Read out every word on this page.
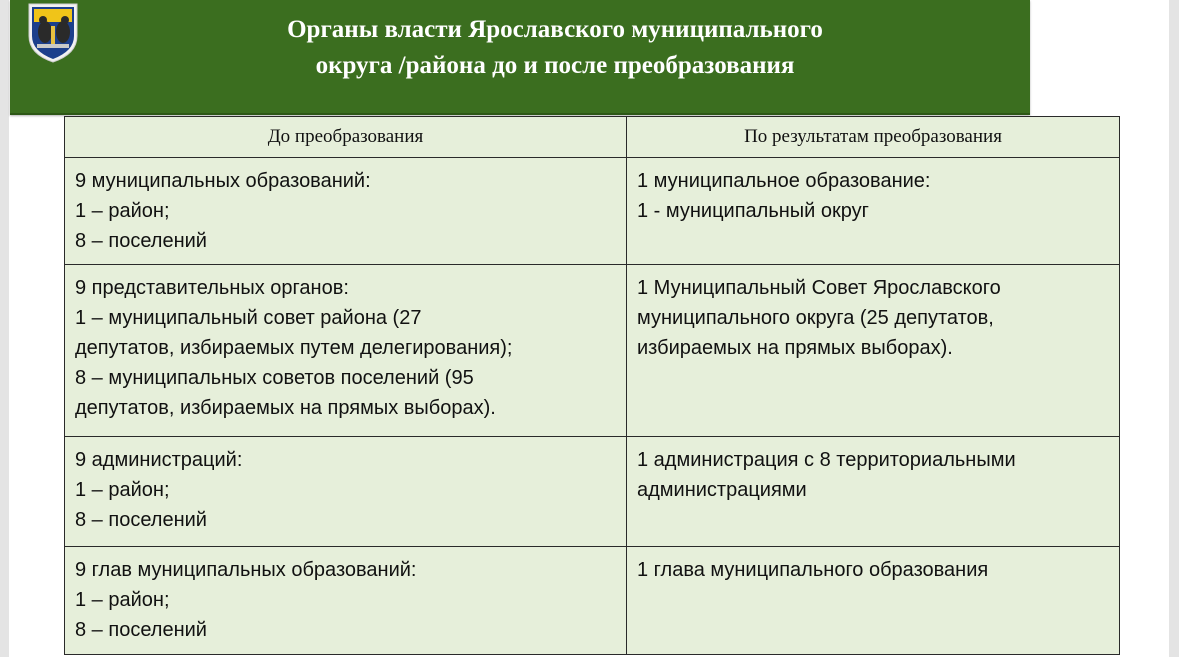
Органы власти Ярославского муниципального
округа /района до и после преобразования
До преобразования	По результатам преобразования

9 муниципальных образований:
1 – район;
8 – поселений	1 муниципальное образование:
1 - муниципальный округ

9 представительных органов:
1 – муниципальный совет района (27
депутатов, избираемых путем делегирования);
8 – муниципальных советов поселений (95
депутатов, избираемых на прямых выборах).	1 Муниципальный Совет Ярославского
муниципального округа (25 депутатов,
избираемых на прямых выборах).

9 администраций:
1 – район;
8 – поселений	1 администрация с 8 территориальными
администрациями

9 глав муниципальных образований:
1 – район;
8 – поселений	1 глава муниципального образования
